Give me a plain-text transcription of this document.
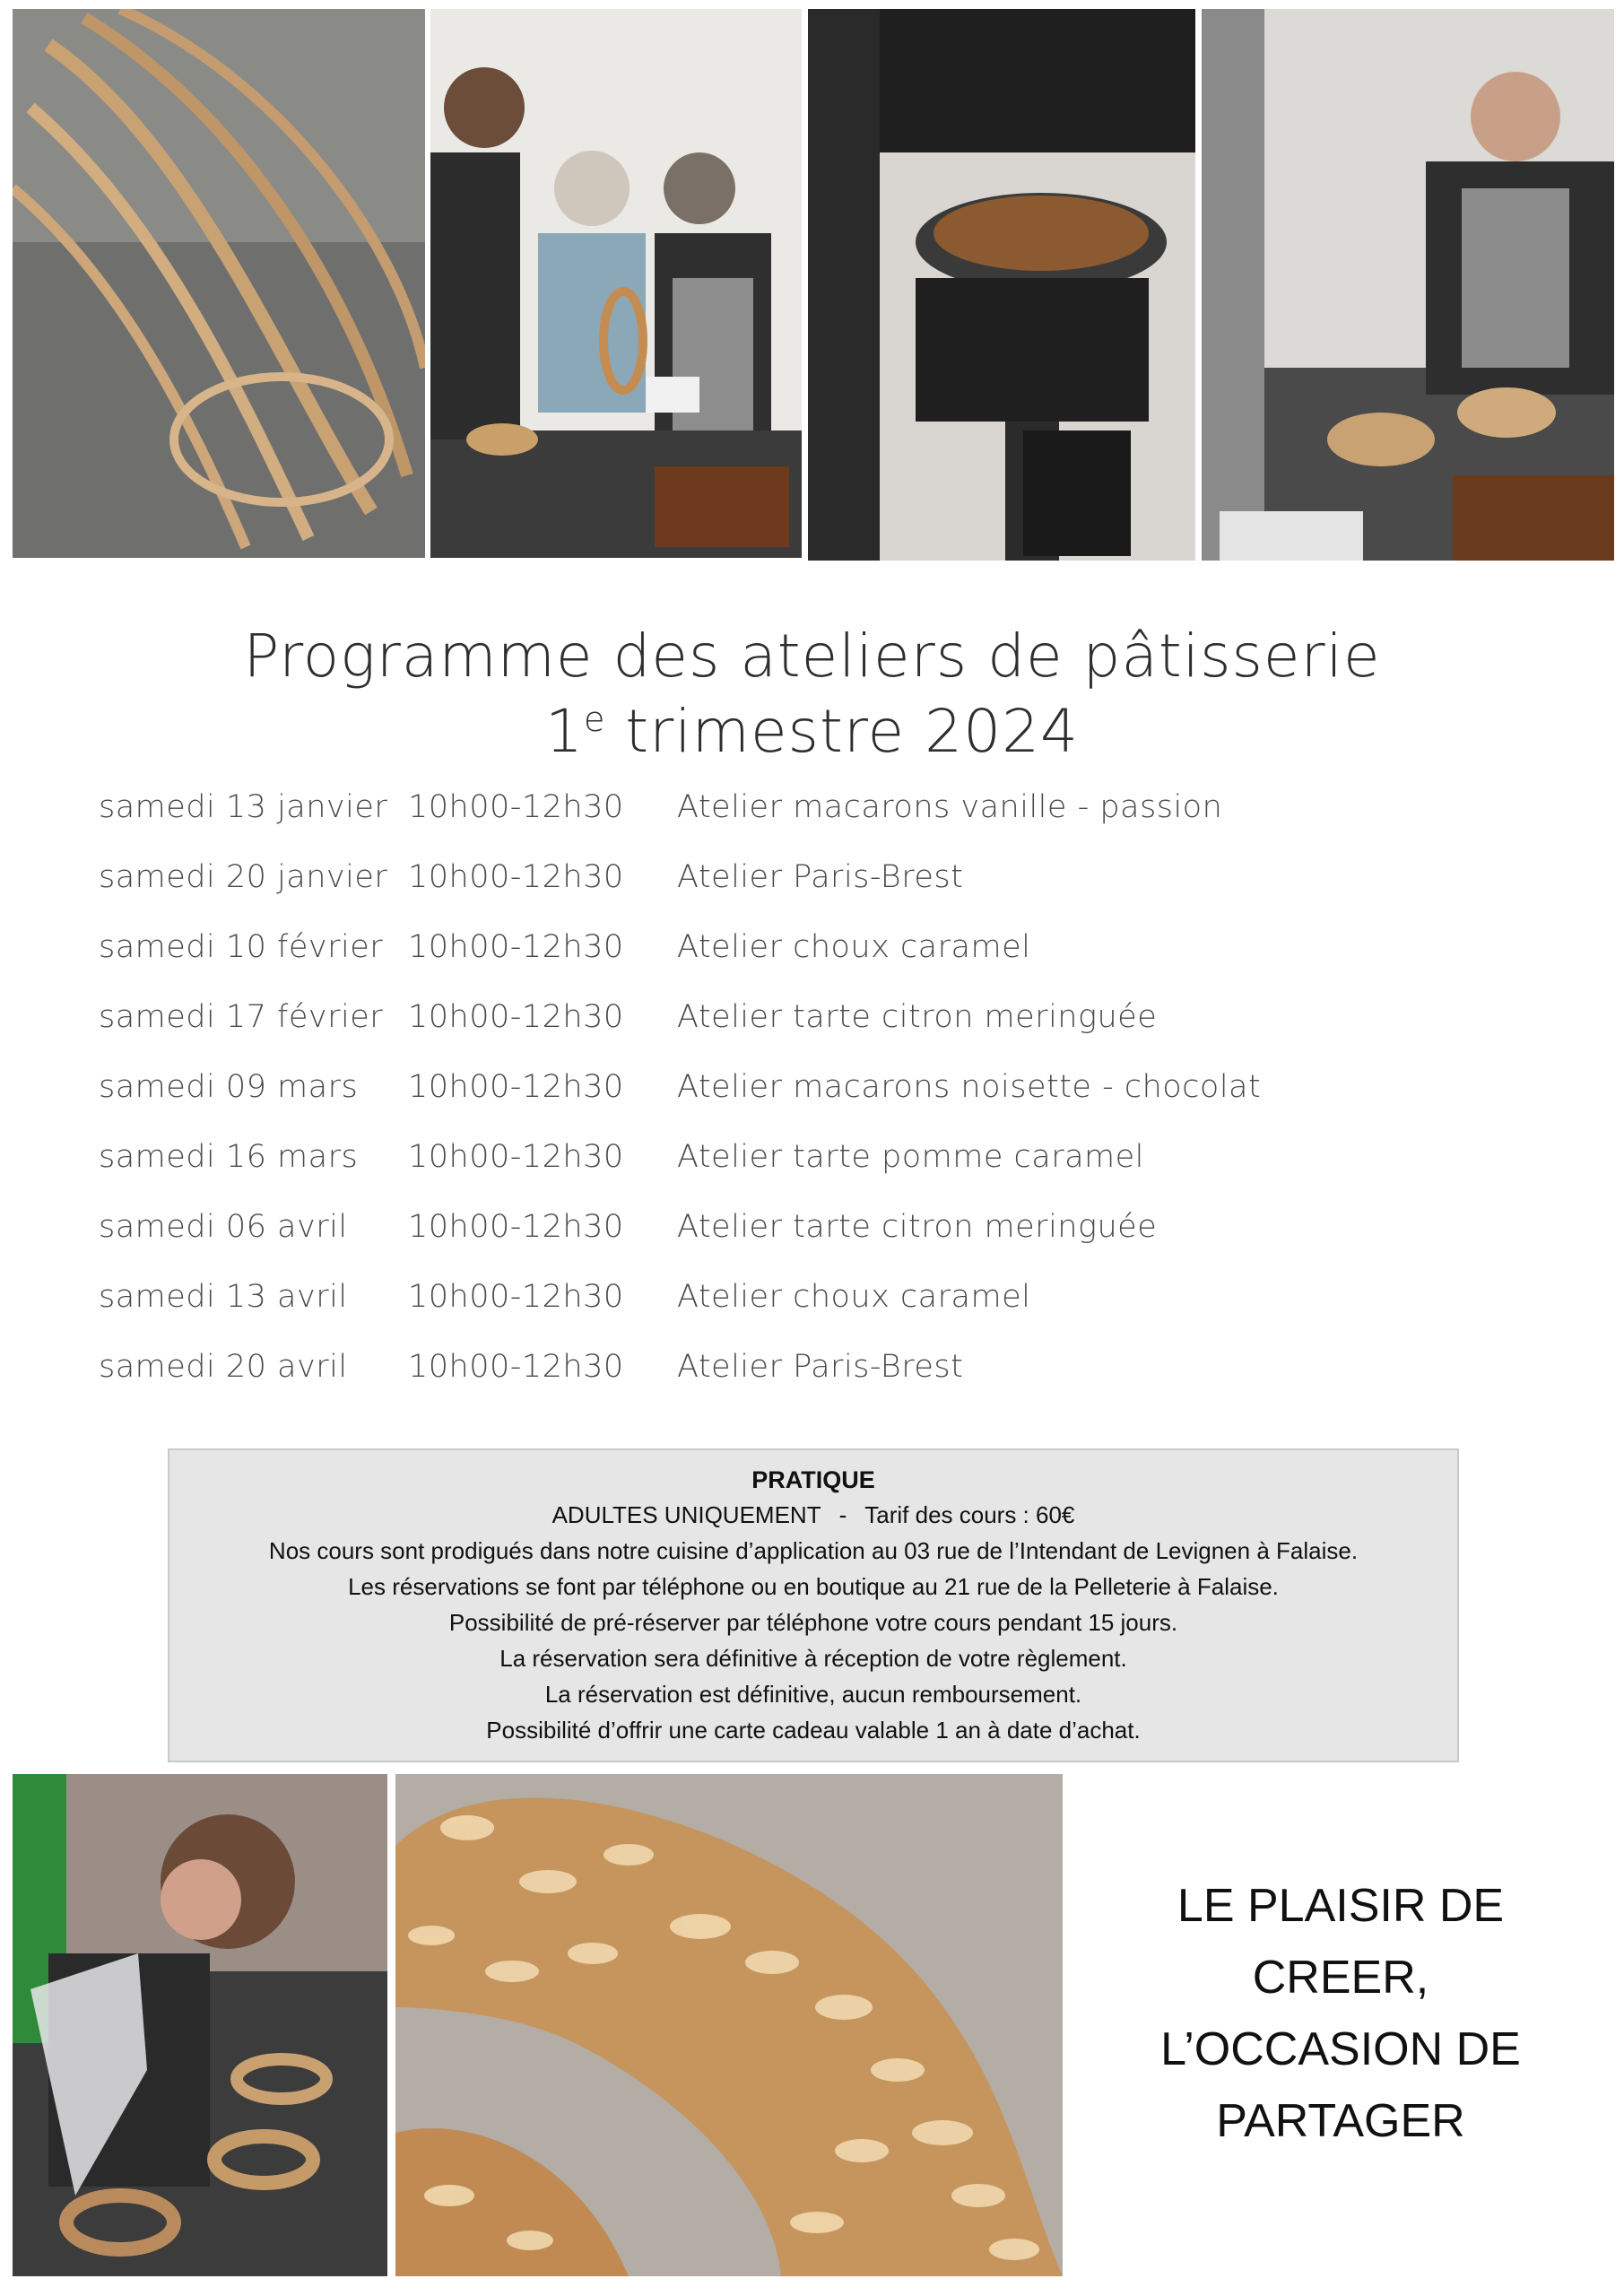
Programme des ateliers de pâtisserie
1e trimestre 2024
samedi 13 janvier 10h00-12h30 Atelier macarons vanille - passion
samedi 20 janvier 10h00-12h30 Atelier Paris-Brest
samedi 10 février 10h00-12h30 Atelier choux caramel
samedi 17 février 10h00-12h30 Atelier tarte citron meringuée
samedi 09 mars 10h00-12h30 Atelier macarons noisette - chocolat
samedi 16 mars 10h00-12h30 Atelier tarte pomme caramel
samedi 06 avril 10h00-12h30 Atelier tarte citron meringuée
samedi 13 avril 10h00-12h30 Atelier choux caramel
samedi 20 avril 10h00-12h30 Atelier Paris-Brest
PRATIQUE
ADULTES UNIQUEMENT - Tarif des cours : 60€
Nos cours sont prodigués dans notre cuisine d’application au 03 rue de l’Intendant de Levignen à Falaise.
Les réservations se font par téléphone ou en boutique au 21 rue de la Pelleterie à Falaise.
Possibilité de pré-réserver par téléphone votre cours pendant 15 jours.
La réservation sera définitive à réception de votre règlement.
La réservation est définitive, aucun remboursement.
Possibilité d’offrir une carte cadeau valable 1 an à date d’achat.
LE PLAISIR DE
CREER,
L’OCCASION DE
PARTAGER
